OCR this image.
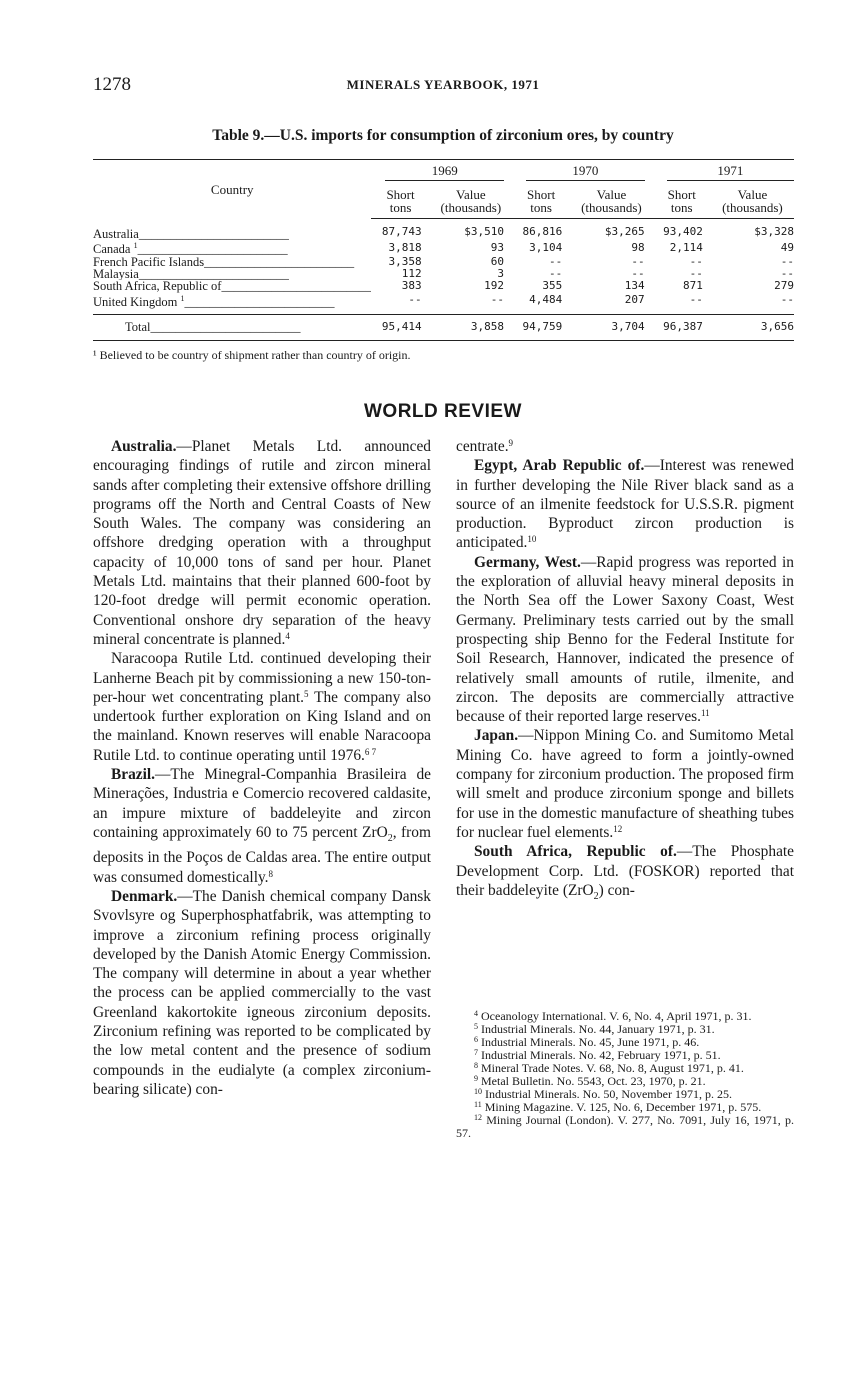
1278	MINERALS YEARBOOK, 1971
Table 9.—U.S. imports for consumption of zirconium ores, by country
Country	1969		1970		1971	

	Short tons	Value (thousands)	Short tons	Value (thousands)	Short tons	Value (thousands)
Australia________________________	87,743	$3,510	86,816	$3,265	93,402	$3,328
Canada $^1$________________________	3,818	93	3,104	98	2,114	49
French Pacific Islands________________________	3,358	60	--	--	--	--
Malaysia________________________	112	3	--	--	--	--
South Africa, Republic of________________________	383	192	355	134	871	279
United Kingdom $^1$________________________	--	--	4,484	207	--	--
Total________________________	95,414	3,858	94,759	3,704	96,387	3,656
¹ Believed to be country of shipment rather than country of origin.
WORLD REVIEW

Australia.—Planet Metals Ltd. announced encouraging findings of rutile and zircon mineral sands after completing their extensive offshore drilling programs off the North and Central Coasts of New South Wales. The company was considering an offshore dredging operation with a throughput capacity of 10,000 tons of sand per hour. Planet Metals Ltd. maintains that their planned 600-foot by 120-foot dredge will permit economic operation. Conventional onshore dry separation of the heavy mineral concentrate is planned.$^4$

Naracoopa Rutile Ltd. continued developing their Lanherne Beach pit by commissioning a new 150-ton-per-hour wet concentrating plant.$^5$ The company also undertook further exploration on King Island and on the mainland. Known reserves will enable Naracoopa Rutile Ltd. to continue operating until 1976.$^{6 7}$

Brazil.—The Minegral-Companhia Brasileira de Minerações, Industria e Comercio recovered caldasite, an impure mixture of baddeleyite and zircon containing approximately 60 to 75 percent ZrO$_2$, from deposits in the Poços de Caldas area. The entire output was consumed domestically.$^8$

Denmark.—The Danish chemical company Dansk Svovlsyre og Superphosphatfabrik, was attempting to improve a zirconium refining process originally developed by the Danish Atomic Energy Commission. The company will determine in about a year whether the process can be applied commercially to the vast Greenland kakortokite igneous zirconium deposits. Zirconium refining was reported to be complicated by the low metal content and the presence of sodium compounds in the eudialyte (a complex zirconium-bearing silicate) con-

centrate.$^9$

Egypt, Arab Republic of.—Interest was renewed in further developing the Nile River black sand as a source of an ilmenite feedstock for U.S.S.R. pigment production. Byproduct zircon production is anticipated.$^{10}$

Germany, West.—Rapid progress was reported in the exploration of alluvial heavy mineral deposits in the North Sea off the Lower Saxony Coast, West Germany. Preliminary tests carried out by the small prospecting ship Benno for the Federal Institute for Soil Research, Hannover, indicated the presence of relatively small amounts of rutile, ilmenite, and zircon. The deposits are commercially attractive because of their reported large reserves.$^{11}$

Japan.—Nippon Mining Co. and Sumitomo Metal Mining Co. have agreed to form a jointly-owned company for zirconium production. The proposed firm will smelt and produce zirconium sponge and billets for use in the domestic manufacture of sheathing tubes for nuclear fuel elements.$^{12}$

South Africa, Republic of.—The Phosphate Development Corp. Ltd. (FOSKOR) reported that their baddeleyite (ZrO$_2$) con-

$^4$ Oceanology International. V. 6, No. 4, April 1971, p. 31.

$^5$ Industrial Minerals. No. 44, January 1971, p. 31.

$^6$ Industrial Minerals. No. 45, June 1971, p. 46.

$^7$ Industrial Minerals. No. 42, February 1971, p. 51.

$^8$ Mineral Trade Notes. V. 68, No. 8, August 1971, p. 41.

$^9$ Metal Bulletin. No. 5543, Oct. 23, 1970, p. 21.

$^{10}$ Industrial Minerals. No. 50, November 1971, p. 25.

$^{11}$ Mining Magazine. V. 125, No. 6, December 1971, p. 575.

$^{12}$ Mining Journal (London). V. 277, No. 7091, July 16, 1971, p. 57.
